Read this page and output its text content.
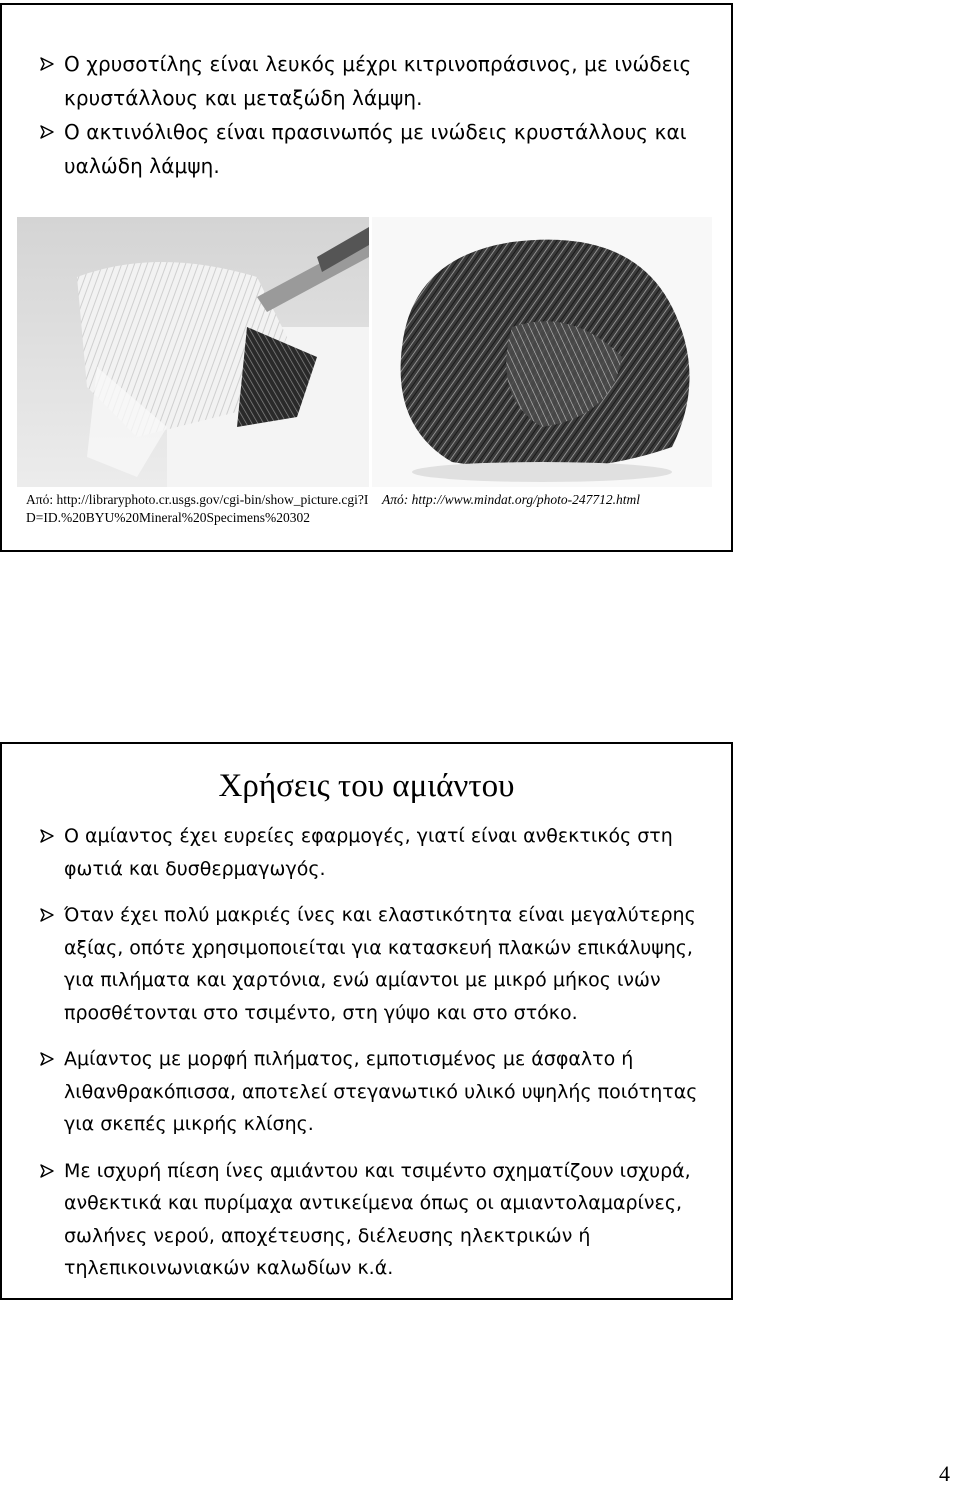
Ο χρυσοτίλης είναι λευκός μέχρι κιτρινοπράσινος, με ινώδεις κρυστάλλους και μεταξώδη λάμψη.
Ο ακτινόλιθος είναι πρασινωπός με ινώδεις κρυστάλλους και υαλώδη λάμψη.
Από: http://libraryphoto.cr.usgs.gov/cgi-bin/show_picture.cgi?ID=ID.%20BYU%20Mineral%20Specimens%20302
Από: http://www.mindat.org/photo-247712.html
Χρήσεις του αμιάντου
Ο αμίαντος έχει ευρείες εφαρμογές, γιατί είναι ανθεκτικός στη φωτιά και δυσθερμαγωγός.
Όταν έχει πολύ μακριές ίνες και ελαστικότητα είναι μεγαλύτερης αξίας, οπότε χρησιμοποιείται για κατασκευή πλακών επικάλυψης, για πιλήματα και χαρτόνια, ενώ αμίαντοι με μικρό μήκος ινών προσθέτονται στο τσιμέντο, στη γύψο και στο στόκο.
Αμίαντος με μορφή πιλήματος, εμποτισμένος με άσφαλτο ή λιθανθρακόπισσα, αποτελεί στεγανωτικό υλικό υψηλής ποιότητας για σκεπές μικρής κλίσης.
Με ισχυρή πίεση ίνες αμιάντου και τσιμέντο σχηματίζουν ισχυρά, ανθεκτικά και πυρίμαχα αντικείμενα όπως οι αμιαντολαμαρίνες, σωλήνες νερού, αποχέτευσης, διέλευσης ηλεκτρικών ή τηλεπικοινωνιακών καλωδίων κ.ά.
4
